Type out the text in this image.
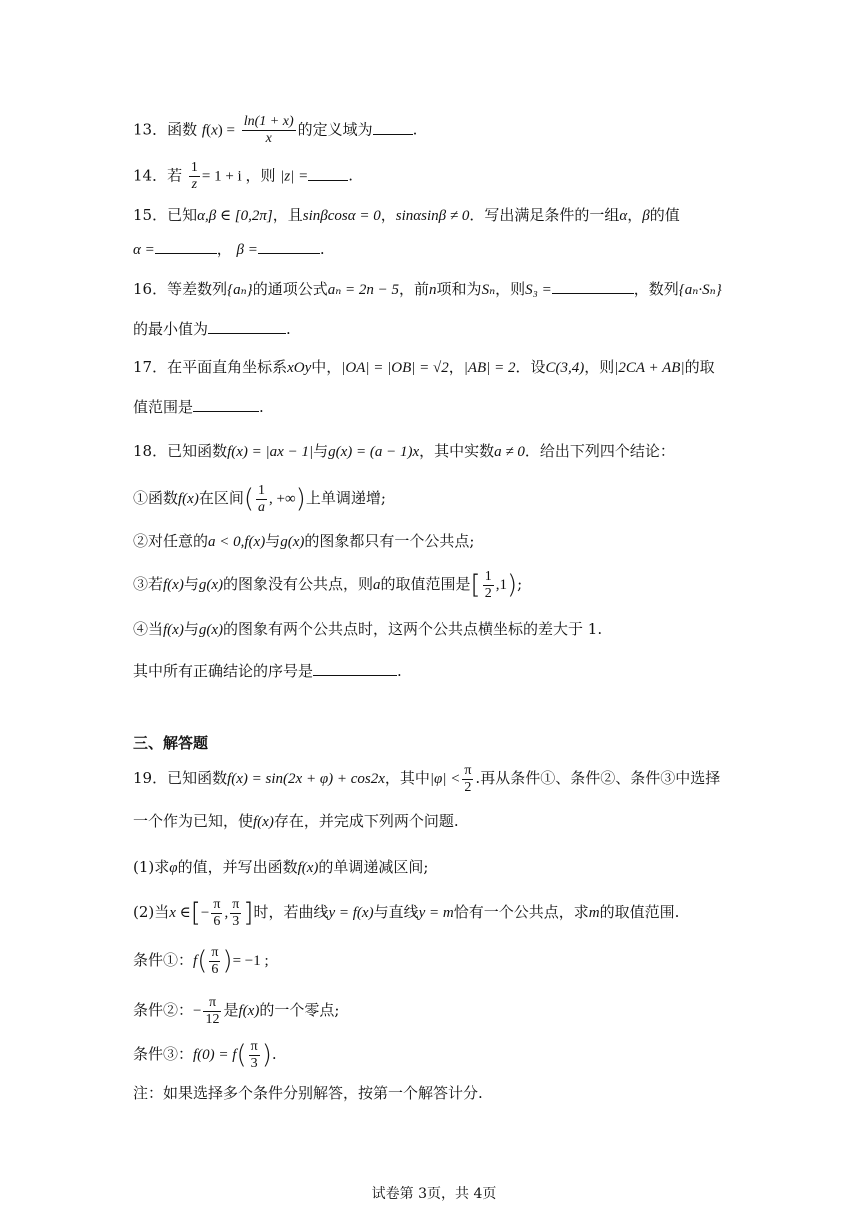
13．函数 $f(x) = \frac{\ln(1 + x)}{x}$ 的定义域为	.
14．若 $\frac{1}{z} = 1 + i$ ，则 |z| =	.
15．已知α,β ∈ [0,2π]，且sinβcosα = 0，sinαsinβ ≠ 0．写出满足条件的一组α，β的值
α =	， β =	.
16．等差数列{aₙ}的通项公式aₙ = 2n − 5，前n项和为Sₙ，则S₃ =	，数列{aₙ·Sₙ}
的最小值为	.
17．在平面直角坐标系xOy中，|OA| = |OB| = √2，|AB| = 2．设C(3,4)，则|2CA + AB|的取
值范围是	.
18．已知函数f(x) = |ax − 1|与g(x) = (a − 1)x，其中实数a ≠ 0．给出下列四个结论：
①函数f(x)在区间( $\frac{1}{a}$ , +∞)上单调递增;
②对任意的a < 0,f(x)与g(x)的图象都只有一个公共点;
③若f(x)与g(x)的图象没有公共点，则a的取值范围是[ $\frac{1}{2} ,1$);
④当f(x)与g(x)的图象有两个公共点时，这两个公共点横坐标的差大于 1.
其中所有正确结论的序号是	.
三、解答题
19．已知函数f(x) = sin(2x + φ) + cos2x，其中$|\varphi| < \frac{\pi}{2}$ .再从条件①、条件②、条件③中选择
一个作为已知，使f(x)存在，并完成下列两个问题.
(1)求φ的值，并写出函数f(x)的单调递减区间;
(2)当x ∈[− $\frac{\pi}{6}$ , $\frac{\pi}{3}$ ]时，若曲线y = f(x)与直线y = m恰有一个公共点，求m的取值范围.
条件①：$f( \frac{\pi}{6}$ )= −1 ;
条件②：− $\frac{\pi}{12}$ 是f(x)的一个零点;
条件③：$f(0) = f( \frac{\pi}{3}$ ).
注：如果选择多个条件分别解答，按第一个解答计分.
试卷第 3页，共 4页
